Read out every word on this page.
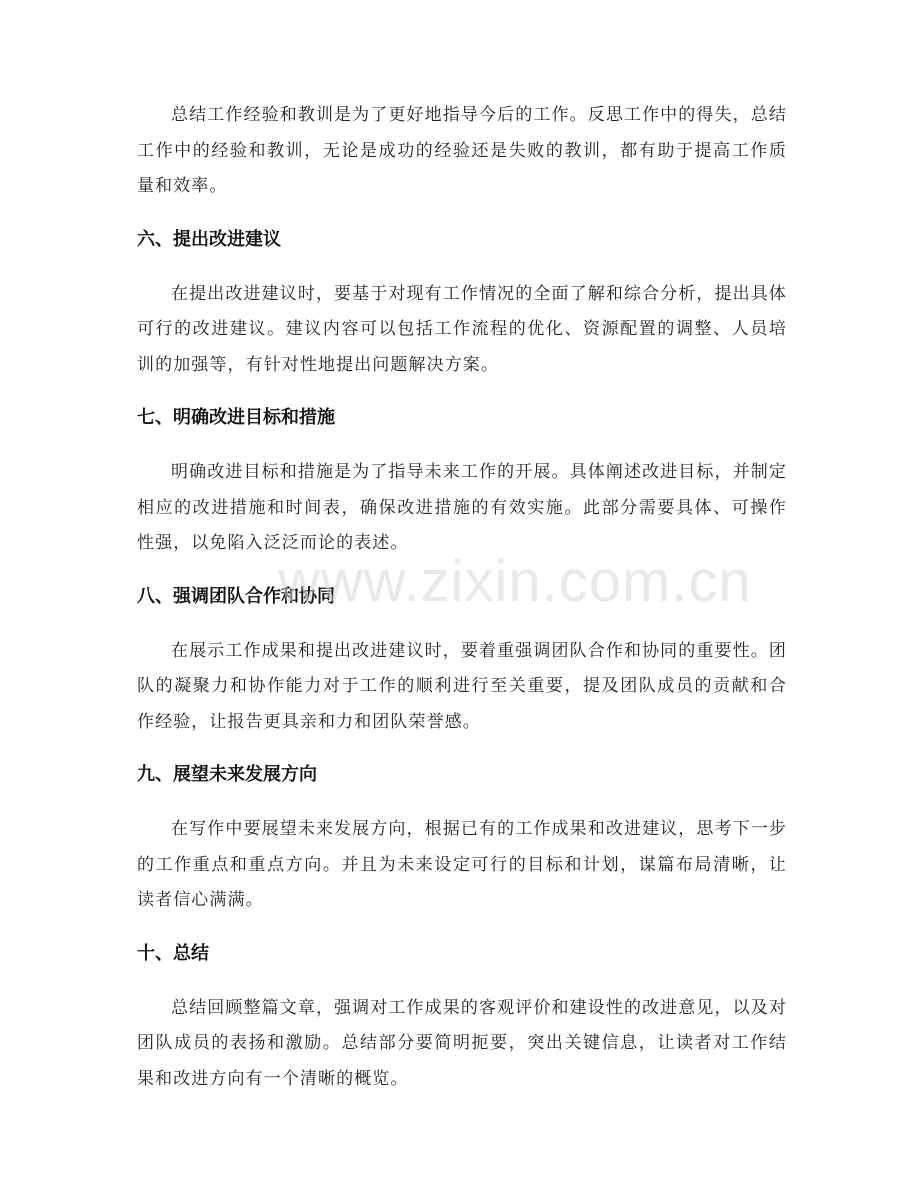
总结工作经验和教训是为了更好地指导今后的工作。反思工作中的得失，总结工作中的经验和教训，无论是成功的经验还是失败的教训，都有助于提高工作质量和效率。

六、提出改进建议

在提出改进建议时，要基于对现有工作情况的全面了解和综合分析，提出具体可行的改进建议。建议内容可以包括工作流程的优化、资源配置的调整、人员培训的加强等，有针对性地提出问题解决方案。

七、明确改进目标和措施

明确改进目标和措施是为了指导未来工作的开展。具体阐述改进目标，并制定相应的改进措施和时间表，确保改进措施的有效实施。此部分需要具体、可操作性强，以免陷入泛泛而论的表述。

八、强调团队合作和协同

在展示工作成果和提出改进建议时，要着重强调团队合作和协同的重要性。团队的凝聚力和协作能力对于工作的顺利进行至关重要，提及团队成员的贡献和合作经验，让报告更具亲和力和团队荣誉感。

九、展望未来发展方向

在写作中要展望未来发展方向，根据已有的工作成果和改进建议，思考下一步的工作重点和重点方向。并且为未来设定可行的目标和计划，谋篇布局清晰，让读者信心满满。

十、总结

总结回顾整篇文章，强调对工作成果的客观评价和建设性的改进意见，以及对团队成员的表扬和激励。总结部分要简明扼要，突出关键信息，让读者对工作结果和改进方向有一个清晰的概览。

www.zixin.com.cn
